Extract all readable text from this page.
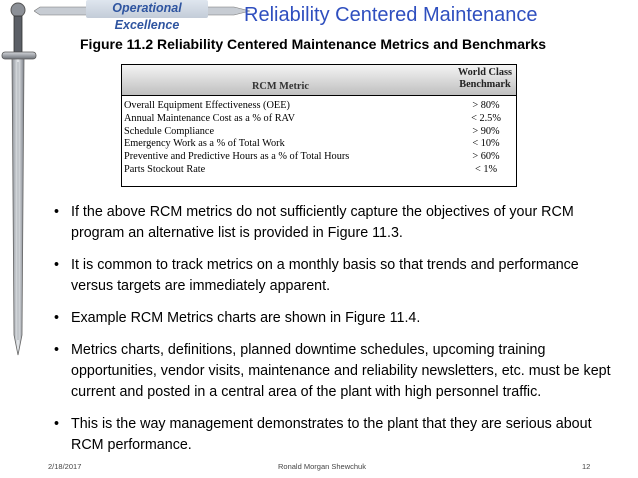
Operational Excellence	Reliability Centered Maintenance
Figure 11.2 Reliability Centered Maintenance Metrics and Benchmarks
RCM Metric
World Class
Benchmark
Overall Equipment Effectiveness (OEE)	> 80%
Annual Maintenance Cost as a % of RAV	< 2.5%
Schedule Compliance	> 90%
Emergency Work as a % of Total Work	< 10%
Preventive and Predictive Hours as a % of Total Hours	> 60%
Parts Stockout Rate	< 1%
• If the above RCM metrics do not sufficiently capture the objectives of your RCM program an alternative list is provided in Figure 11.3.
• It is common to track metrics on a monthly basis so that trends and performance versus targets are immediately apparent.
• Example RCM Metrics charts are shown in Figure 11.4.
• Metrics charts, definitions, planned downtime schedules, upcoming training opportunities, vendor visits, maintenance and reliability newsletters, etc. must be kept current and posted in a central area of the plant with high personnel traffic.
• This is the way management demonstrates to the plant that they are serious about RCM performance.
2/18/2017	Ronald Morgan Shewchuk	12
